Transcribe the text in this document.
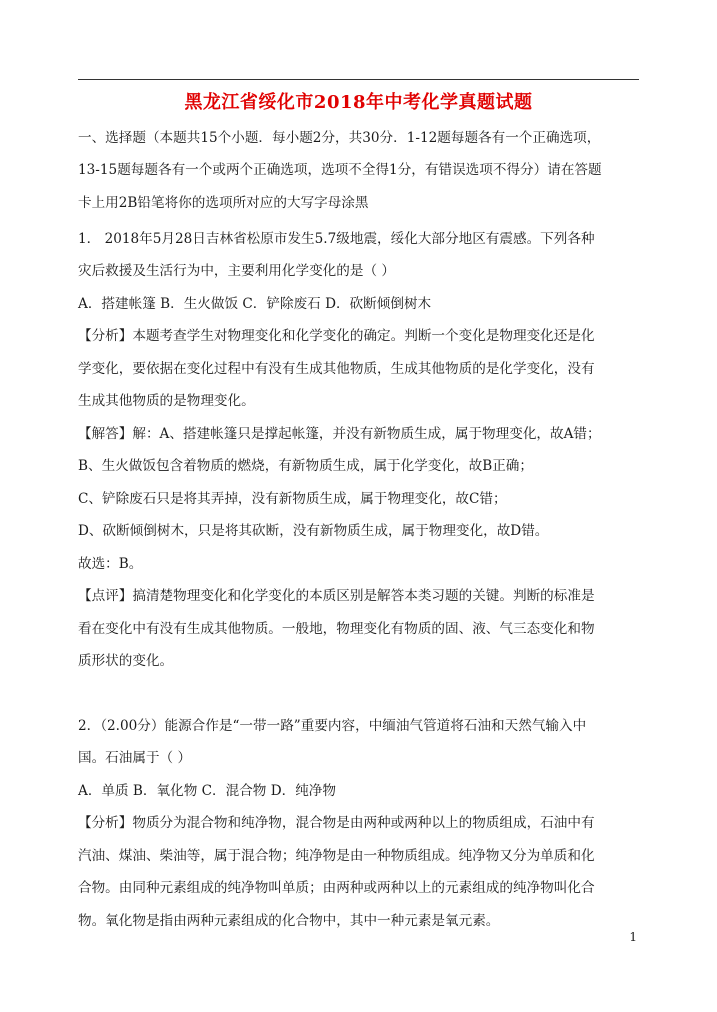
黑龙江省绥化市2018年中考化学真题试题
一、选择题（本题共15个小题．每小题2分，共30分．1-12题每题各有一个正确选项，
13-15题每题各有一个或两个正确选项，选项不全得1分，有错误选项不得分）请在答题
卡上用2B铅笔将你的选项所对应的大写字母涂黑
1． 2018年5月28日吉林省松原市发生5.7级地震，绥化大部分地区有震感。下列各种
灾后救援及生活行为中，主要利用化学变化的是（ ）
A．搭建帐篷 B．生火做饭 C．铲除废石 D．砍断倾倒树木
【分析】本题考查学生对物理变化和化学变化的确定。判断一个变化是物理变化还是化
学变化，要依据在变化过程中有没有生成其他物质，生成其他物质的是化学变化，没有
生成其他物质的是物理变化。
【解答】解：A、搭建帐篷只是撑起帐篷，并没有新物质生成，属于物理变化，故A错；
B、生火做饭包含着物质的燃烧，有新物质生成，属于化学变化，故B正确；
C、铲除废石只是将其弄掉，没有新物质生成，属于物理变化，故C错；
D、砍断倾倒树木，只是将其砍断，没有新物质生成，属于物理变化，故D错。
故选：B。
【点评】搞清楚物理变化和化学变化的本质区别是解答本类习题的关键。判断的标准是
看在变化中有没有生成其他物质。一般地，物理变化有物质的固、液、气三态变化和物
质形状的变化。
2．（2.00分）能源合作是“一带一路”重要内容，中缅油气管道将石油和天然气输入中
国。石油属于（ ）
A．单质 B．氧化物 C．混合物 D．纯净物
【分析】物质分为混合物和纯净物，混合物是由两种或两种以上的物质组成，石油中有
汽油、煤油、柴油等，属于混合物；纯净物是由一种物质组成。纯净物又分为单质和化
合物。由同种元素组成的纯净物叫单质；由两种或两种以上的元素组成的纯净物叫化合
物。氧化物是指由两种元素组成的化合物中，其中一种元素是氧元素。
1
